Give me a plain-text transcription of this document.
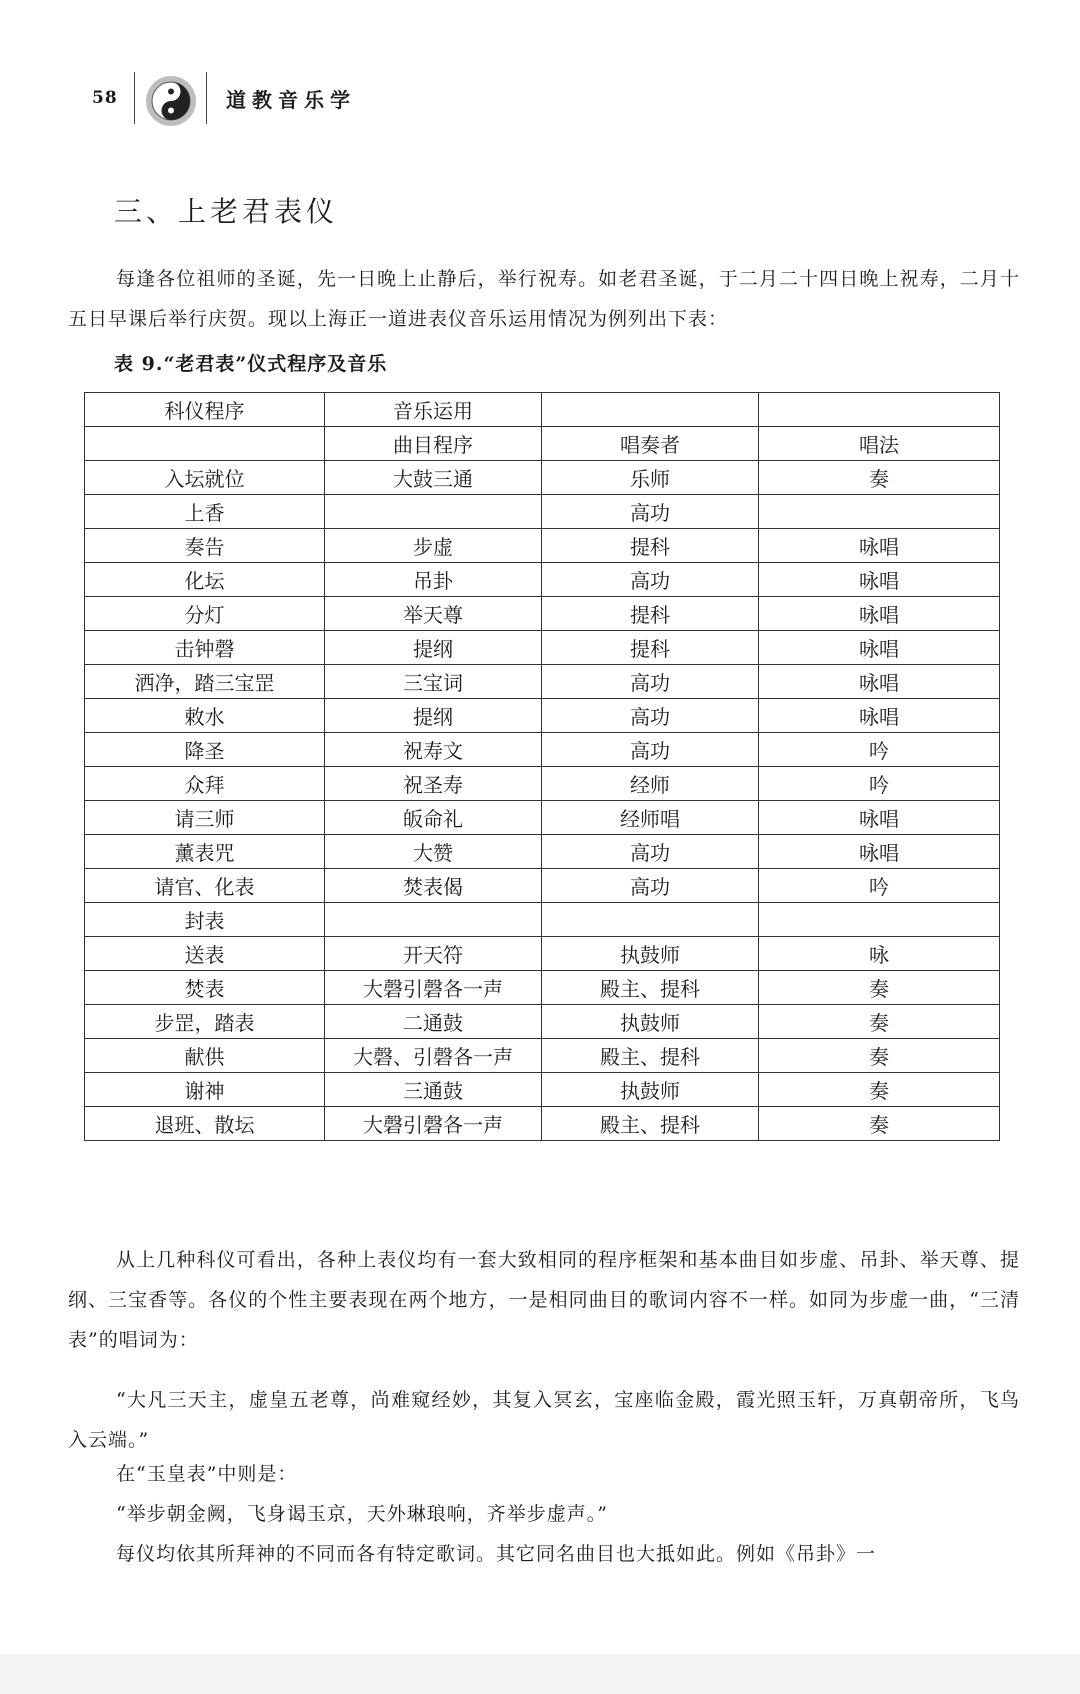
58	道教音乐学
三、上老君表仪

每逢各位祖师的圣诞，先一日晚上止静后，举行祝寿。如老君圣诞，于二月二十四日晚上祝寿，二月十五日早课后举行庆贺。现以上海正一道进表仪音乐运用情况为例列出下表：

表 9.“老君表”仪式程序及音乐
科仪程序	音乐运用		
	曲目程序	唱奏者	唱法
入坛就位	大鼓三通	乐师	奏
上香		高功	
奏告	步虚	提科	咏唱
化坛	吊卦	高功	咏唱
分灯	举天尊	提科	咏唱
击钟磬	提纲	提科	咏唱
洒净，踏三宝罡	三宝词	高功	咏唱
敕水	提纲	高功	咏唱
降圣	祝寿文	高功	吟
众拜	祝圣寿	经师	吟
请三师	皈命礼	经师唱	咏唱
薰表咒	大赞	高功	咏唱
请官、化表	焚表偈	高功	吟
封表			
送表	开天符	执鼓师	咏
焚表	大磬引磬各一声	殿主、提科	奏
步罡，踏表	二通鼓	执鼓师	奏
献供	大磬、引磬各一声	殿主、提科	奏
谢神	三通鼓	执鼓师	奏
退班、散坛	大磬引磬各一声	殿主、提科	奏

从上几种科仪可看出，各种上表仪均有一套大致相同的程序框架和基本曲目如步虚、吊卦、举天尊、提纲、三宝香等。各仪的个性主要表现在两个地方，一是相同曲目的歌词内容不一样。如同为步虚一曲，“三清表”的唱词为：

“大凡三天主，虚皇五老尊，尚难窥经妙，其复入冥玄，宝座临金殿，霞光照玉轩，万真朝帝所，飞鸟入云端。”

在“玉皇表”中则是：

“举步朝金阙，飞身谒玉京，天外琳琅响，齐举步虚声。”

每仪均依其所拜神的不同而各有特定歌词。其它同名曲目也大抵如此。例如《吊卦》一
